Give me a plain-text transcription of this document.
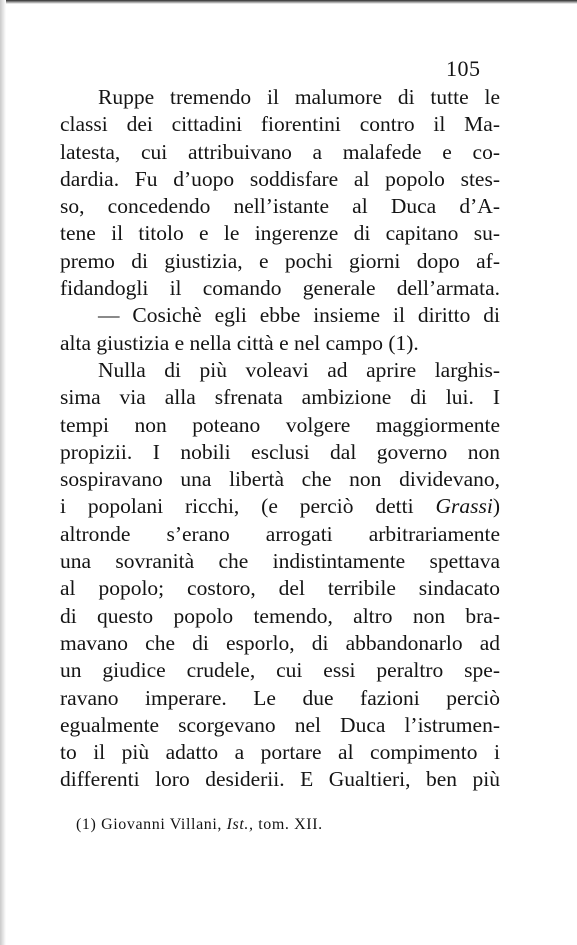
105
Ruppe tremendo il malumore di tutte le
classi dei cittadini fiorentini contro il Ma-
latesta, cui attribuivano a malafede e co-
dardia. Fu d’uopo soddisfare al popolo stes-
so, concedendo nell’istante al Duca d’A-
tene il titolo e le ingerenze di capitano su-
premo di giustizia, e pochi giorni dopo af-
fidandogli il comando generale dell’armata.
— Cosichè egli ebbe insieme il diritto di
alta giustizia e nella città e nel campo (1).
Nulla di più voleavi ad aprire larghis-
sima via alla sfrenata ambizione di lui. I
tempi non poteano volgere maggiormente
propizii. I nobili esclusi dal governo non
sospiravano una libertà che non dividevano,
i popolani ricchi, (e perciò detti Grassi)
altronde s’erano arrogati arbitrariamente
una sovranità che indistintamente spettava
al popolo; costoro, del terribile sindacato
di questo popolo temendo, altro non bra-
mavano che di esporlo, di abbandonarlo ad
un giudice crudele, cui essi peraltro spe-
ravano imperare. Le due fazioni perciò
egualmente scorgevano nel Duca l’istrumen-
to il più adatto a portare al compimento i
differenti loro desiderii. E Gualtieri, ben più
(1) Giovanni Villani, Ist., tom. XII.
